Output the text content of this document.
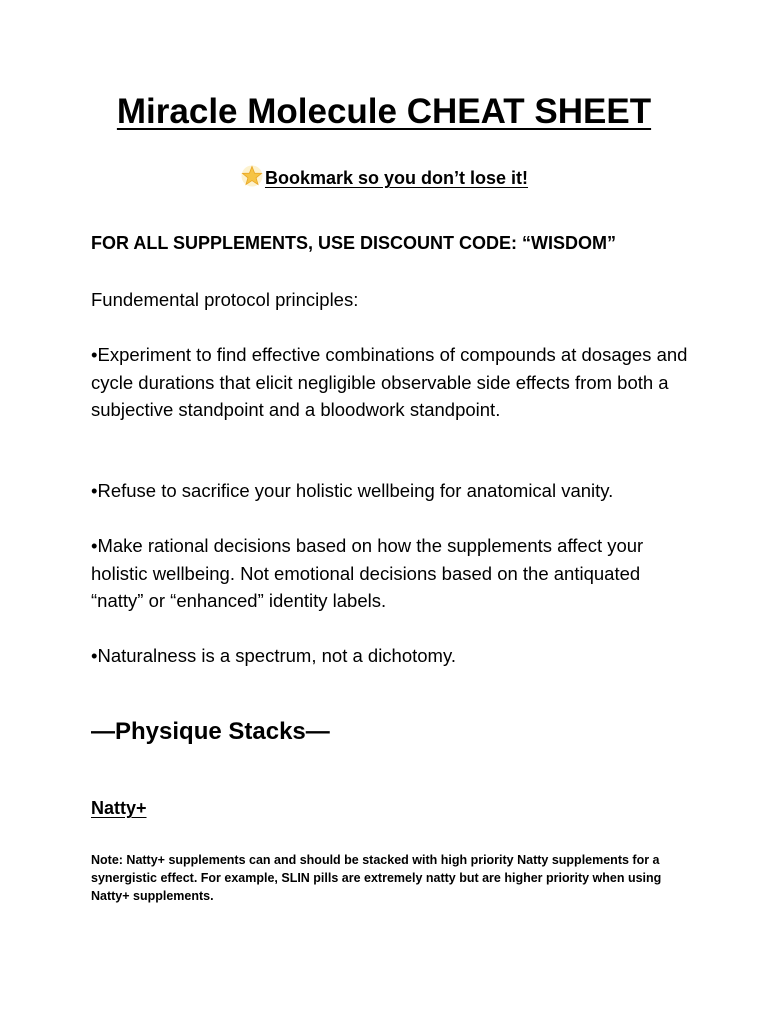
Miracle Molecule CHEAT SHEET
Bookmark so you don’t lose it!
FOR ALL SUPPLEMENTS, USE DISCOUNT CODE: “WISDOM”

Fundemental protocol principles:

•Experiment to find effective combinations of compounds at dosages and cycle durations that elicit negligible observable side effects from both a subjective standpoint and a bloodwork standpoint.

•Refuse to sacrifice your holistic wellbeing for anatomical vanity.

•Make rational decisions based on how the supplements affect your holistic wellbeing. Not emotional decisions based on the antiquated “natty” or “enhanced” identity labels.

•Naturalness is a spectrum, not a dichotomy.

—Physique Stacks—
Natty+

Note: Natty+ supplements can and should be stacked with high priority Natty supplements for a synergistic effect. For example, SLIN pills are extremely natty but are higher priority when using Natty+ supplements.
